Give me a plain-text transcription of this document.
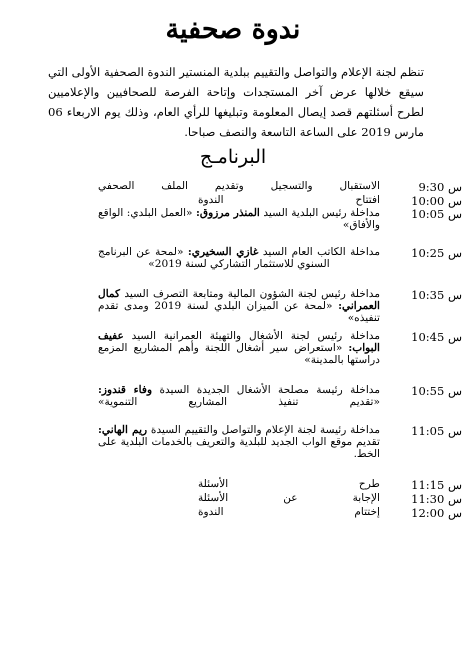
ندوة صحفية
تنظم لجنة الإعلام والتواصل والتقييم ببلدية المنستير الندوة الصحفية الأولى التي سيقع خلالها عرض آخر المستجدات وإتاحة الفرصة للصحافيين والإعلاميين لطرح أسئلتهم قصد إيصال المعلومة وتبليغها للرأي العام، وذلك يوم الاربعاء 06 مارس 2019 على الساعة التاسعة والنصف صباحا.
البرنامـج
س 9:30
الاستقبال والتسجيل وتقديم الملف الصحفي
س 10:00
افتتاح الندوة
س 10:05
مداخلة رئيس البلدية السيد المنذر مرزوق: «العمل البلدي: الواقع والأفاق»
س 10:25
مداخلة الكاتب العام السيد غازي السخيري: «لمحة عن البرنامج السنوي للاستثمار التشاركي لسنة 2019»
س 10:35
مداخلة رئيس لجنة الشؤون المالية ومتابعة التصرف السيد كمال العمراني: «لمحة عن الميزان البلدي لسنة 2019 ومدى تقدم تنفيذه»
س 10:45
مداخلة رئيس لجنة الأشغال والتهيئة العمرانية السيد عفيف البواب: «استعراض سير أشغال اللجنة وأهم المشاريع المزمع دراستها بالمدينة»
س 10:55
مداخلة رئيسة مصلحة الأشغال الجديدة السيدة وفاء قندوز: «تقديم تنفيذ المشاريع التنموية»
س 11:05
مداخلة رئيسة لجنة الإعلام والتواصل والتقييم السيدة ريم الهاني: تقديم موقع الواب الجديد للبلدية والتعريف بالخدمات البلدية على الخط.
س 11:15
طرح الأسئلة
س 11:30
الإجابة عن الأسئلة
س 12:00
إختتام الندوة
